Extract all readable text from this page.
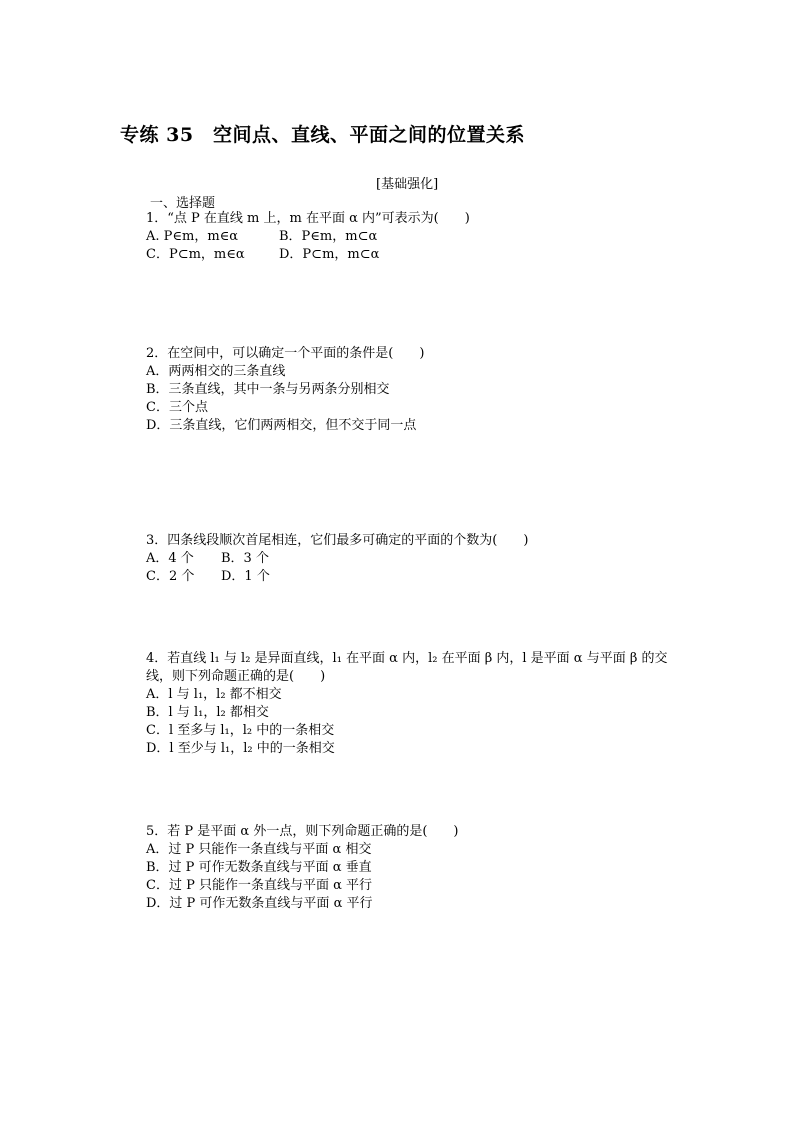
专练 35　空间点、直线、平面之间的位置关系
[基础强化]
一、选择题
1．“点 P 在直线 m 上，m 在平面 α 内”可表示为(　　)
A. P∈m，m∈α	B．P∈m，m⊂α
C．P⊂m，m∈α	D．P⊂m，m⊂α
2．在空间中，可以确定一个平面的条件是(　　)
A．两两相交的三条直线
B．三条直线，其中一条与另两条分别相交
C．三个点
D．三条直线，它们两两相交，但不交于同一点
3．四条线段顺次首尾相连，它们最多可确定的平面的个数为(　　)
A．4 个 B．3 个
C．2 个 D．1 个
4．若直线 l₁ 与 l₂ 是异面直线，l₁ 在平面 α 内，l₂ 在平面 β 内，l 是平面 α 与平面 β 的交线，则下列命题正确的是(　　)
A．l 与 l₁，l₂ 都不相交
B．l 与 l₁，l₂ 都相交
C．l 至多与 l₁，l₂ 中的一条相交
D．l 至少与 l₁，l₂ 中的一条相交
5．若 P 是平面 α 外一点，则下列命题正确的是(　　)
A．过 P 只能作一条直线与平面 α 相交
B．过 P 可作无数条直线与平面 α 垂直
C．过 P 只能作一条直线与平面 α 平行
D．过 P 可作无数条直线与平面 α 平行
